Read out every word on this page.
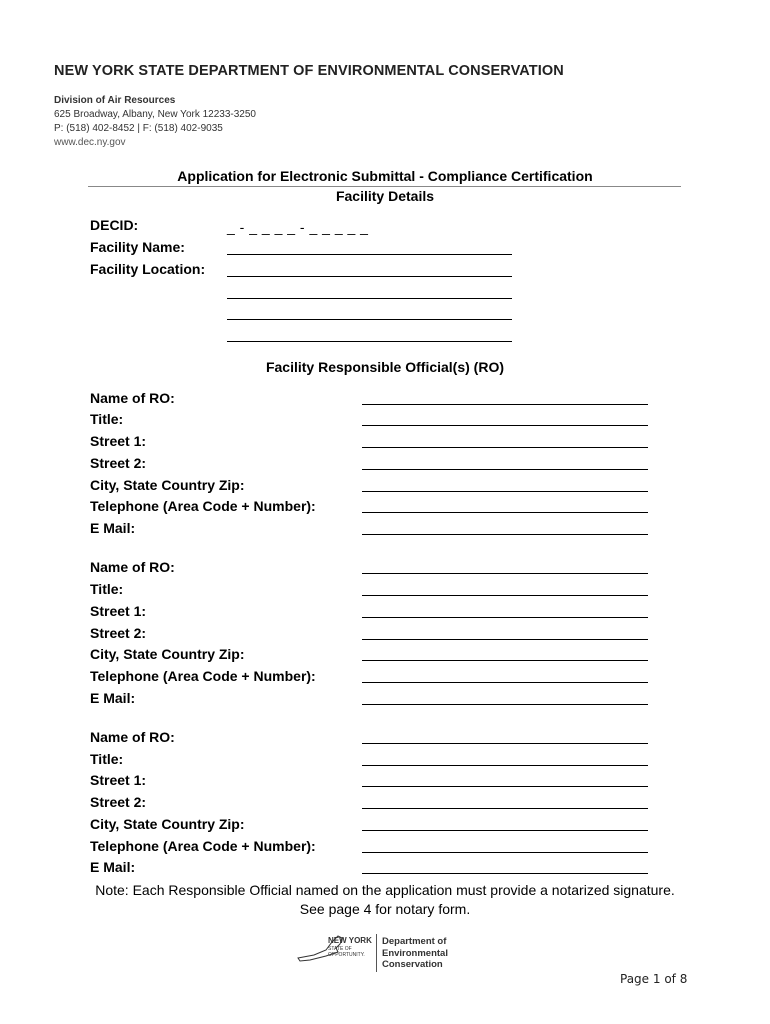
NEW YORK STATE DEPARTMENT OF ENVIRONMENTAL CONSERVATION
Division of Air Resources
625 Broadway, Albany, New York 12233-3250
P: (518) 402-8452 | F: (518) 402-9035
www.dec.ny.gov
Application for Electronic Submittal - Compliance Certification
Facility Details
DECID:	_ - _ _ _ _ - _ _ _ _ _
Facility Name:
Facility Location:
Facility Responsible Official(s) (RO)
Name of RO:
Title:
Street 1:
Street 2:
City, State Country Zip:
Telephone (Area Code + Number):
E Mail:
Name of RO:
Title:
Street 1:
Street 2:
City, State Country Zip:
Telephone (Area Code + Number):
E Mail:
Name of RO:
Title:
Street 1:
Street 2:
City, State Country Zip:
Telephone (Area Code + Number):
E Mail:
Note: Each Responsible Official named on the application must provide a notarized signature. See page 4 for notary form.
NEW YORK
STATE OF
OPPORTUNITY.
Department of
Environmental
Conservation
Page 1 of 8
